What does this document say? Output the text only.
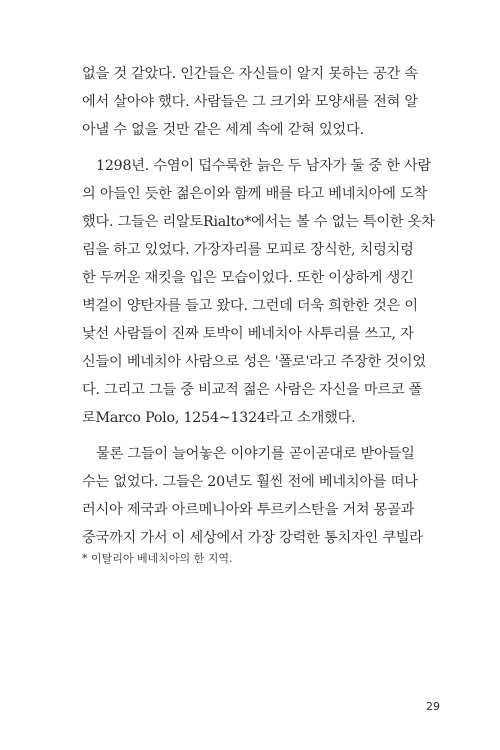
없을 것 같았다. 인간들은 자신들이 알지 못하는 공간 속
에서 살아야 했다. 사람들은 그 크기와 모양새를 전혀 알
아낼 수 없을 것만 같은 세계 속에 갇혀 있었다.
1298년. 수염이 덥수룩한 늙은 두 남자가 둘 중 한 사람
의 아들인 듯한 젊은이와 함께 배를 타고 베네치아에 도착
했다. 그들은 리알토Rialto*에서는 볼 수 없는 특이한 옷차
림을 하고 있었다. 가장자리를 모피로 장식한, 치렁치렁
한 두꺼운 재킷을 입은 모습이었다. 또한 이상하게 생긴
벽걸이 양탄자를 들고 왔다. 그런데 더욱 희한한 것은 이
낯선 사람들이 진짜 토박이 베네치아 사투리를 쓰고, 자
신들이 베네치아 사람으로 성은 '폴로'라고 주장한 것이었
다. 그리고 그들 중 비교적 젊은 사람은 자신을 마르코 폴
로Marco Polo, 1254~1324라고 소개했다.
물론 그들이 늘어놓은 이야기를 곧이곧대로 받아들일
수는 없었다. 그들은 20년도 훨씬 전에 베네치아를 떠나
러시아 제국과 아르메니아와 투르키스탄을 거쳐 몽골과
중국까지 가서 이 세상에서 가장 강력한 통치자인 쿠빌라
* 이탈리아 베네치아의 한 지역.
29
